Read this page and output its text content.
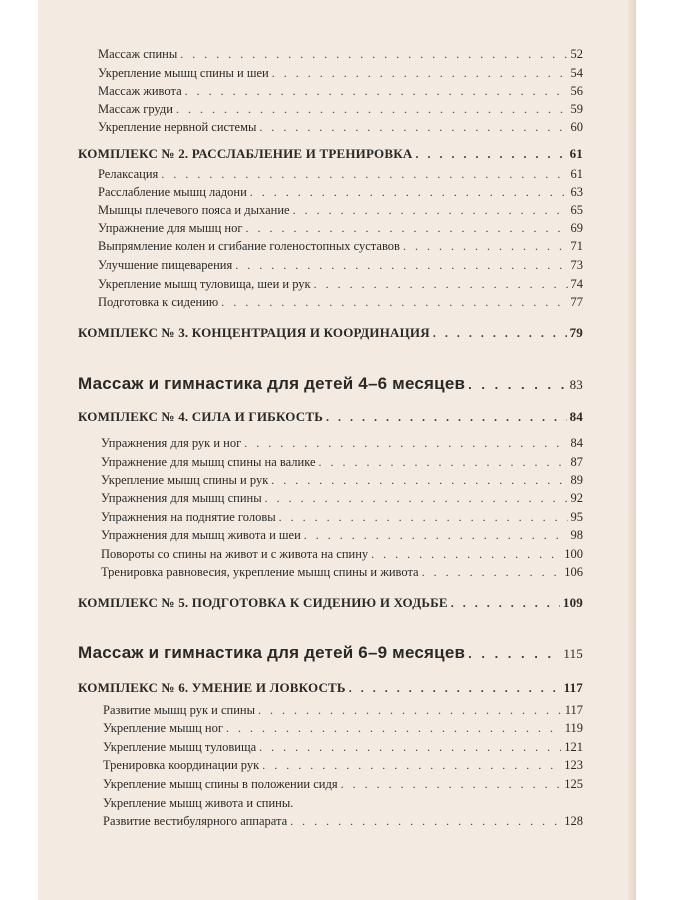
Массаж спины . . .	52
Укрепление мышц спины и шеи . . .	54
Массаж живота . . .	56
Массаж груди . . .	59
Укрепление нервной системы . . .	60
КОМПЛЕКС № 2. РАССЛАБЛЕНИЕ И ТРЕНИРОВКА . . .	61
Релаксация . . .	61
Расслабление мышц ладони . . .	63
Мышцы плечевого пояса и дыхание . . .	65
Упражнение для мышц ног . . .	69
Выпрямление колен и сгибание голеностопных суставов . . .	71
Улучшение пищеварения . . .	73
Укрепление мышц туловища, шеи и рук . . .	74
Подготовка к сидению . . .	77
КОМПЛЕКС № 3. КОНЦЕНТРАЦИЯ И КООРДИНАЦИЯ . . .	79
Массаж и гимнастика для детей 4–6 месяцев . . .	83
КОМПЛЕКС № 4. СИЛА И ГИБКОСТЬ . . .	84
Упражнения для рук и ног . . .	84
Упражнение для мышц спины на валике . . .	87
Укрепление мышц спины и рук . . .	89
Упражнения для мышц спины . . .	92
Упражнения на поднятие головы . . .	95
Упражнения для мышц живота и шеи . . .	98
Повороты со спины на живот и с живота на спину . . .	100
Тренировка равновесия, укрепление мышц спины и живота . . .	106
КОМПЛЕКС № 5. ПОДГОТОВКА К СИДЕНИЮ И ХОДЬБЕ . . .	109
Массаж и гимнастика для детей 6–9 месяцев . . .	115
КОМПЛЕКС № 6. УМЕНИЕ И ЛОВКОСТЬ . . .	117
Развитие мышц рук и спины . . .	117
Укрепление мышц ног . . .	119
Укрепление мышц туловища . . .	121
Тренировка координации рук . . .	123
Укрепление мышц спины в положении сидя . . .	125
Укрепление мышц живота и спины.
Развитие вестибулярного аппарата . . .	128
